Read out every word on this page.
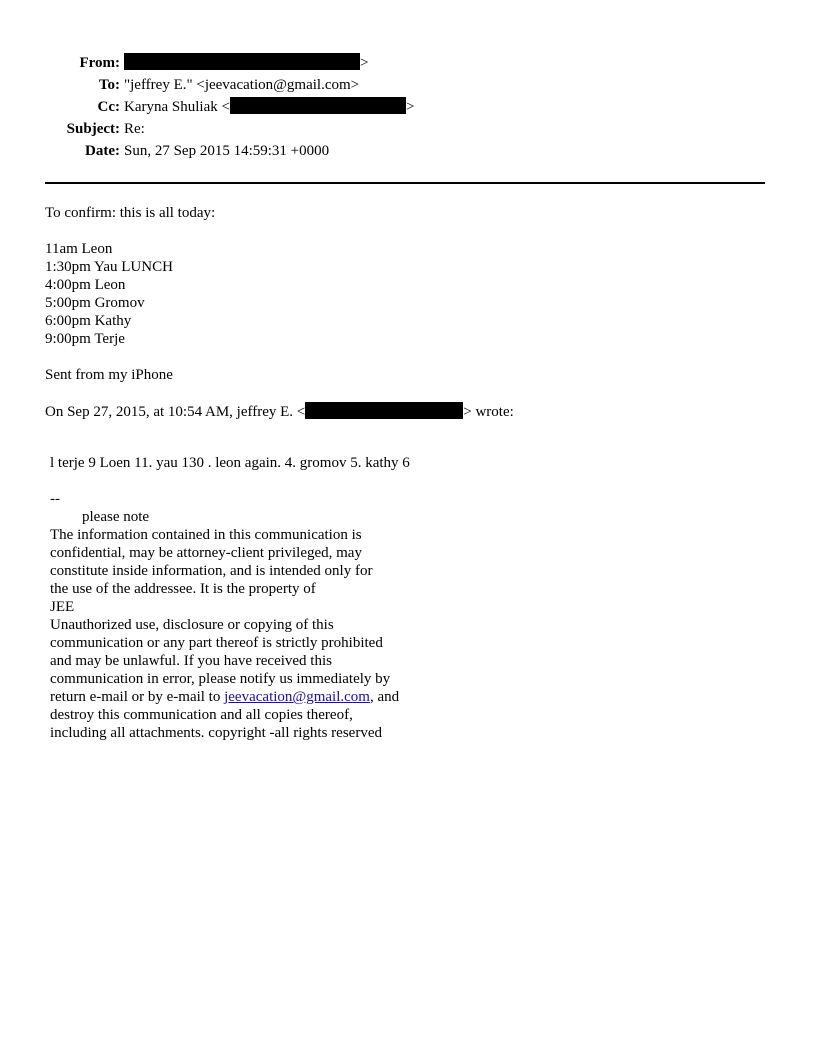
From:	>
To: "jeffrey E." <jeevacation@gmail.com>
Cc: Karyna Shuliak <	>
Subject: Re:
Date: Sun, 27 Sep 2015 14:59:31 +0000
To confirm: this is all today:
11am Leon
1:30pm Yau LUNCH
4:00pm Leon
5:00pm Gromov
6:00pm Kathy
9:00pm Terje
Sent from my iPhone
On Sep 27, 2015, at 10:54 AM, jeffrey E. <	> wrote:
l terje 9 Loen 11. yau 130 . leon again. 4. gromov 5. kathy 6
--
please note
The information contained in this communication is
confidential, may be attorney-client privileged, may
constitute inside information, and is intended only for
the use of the addressee. It is the property of
JEE
Unauthorized use, disclosure or copying of this
communication or any part thereof is strictly prohibited
and may be unlawful. If you have received this
communication in error, please notify us immediately by
return e-mail or by e-mail to jeevacation@gmail.com, and
destroy this communication and all copies thereof,
including all attachments. copyright -all rights reserved
